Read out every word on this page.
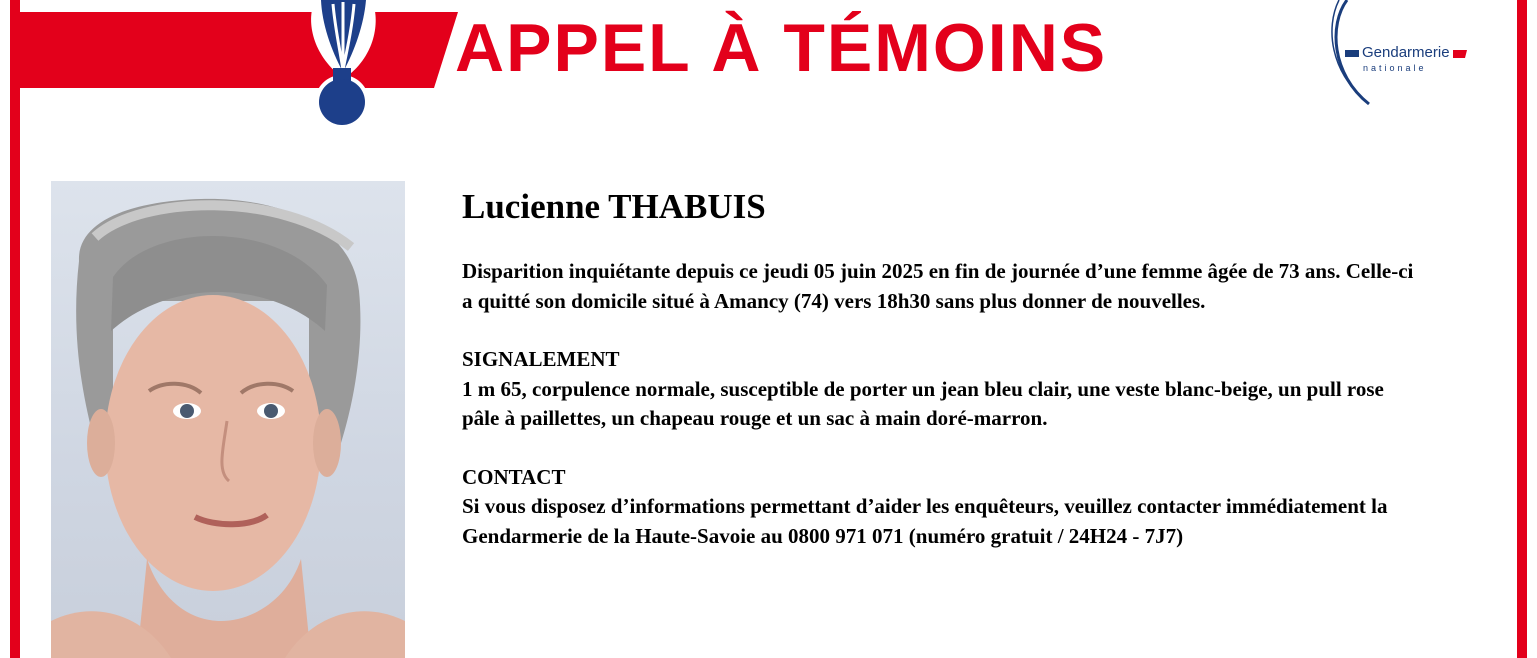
APPEL À TÉMOINS	Gendarmerie
nationale
Lucienne THABUIS

Disparition inquiétante depuis ce jeudi 05 juin 2025 en fin de journée d’une femme âgée de 73 ans. Celle-ci a quitté son domicile situé à Amancy (74) vers 18h30 sans plus donner de nouvelles.

SIGNALEMENT

1 m 65, corpulence normale, susceptible de porter un jean bleu clair, une veste blanc-beige, un pull rose pâle à paillettes, un chapeau rouge et un sac à main doré-marron.

CONTACT

Si vous disposez d’informations permettant d’aider les enquêteurs, veuillez contacter immédiatement la Gendarmerie de la Haute-Savoie au 0800 971 071 (numéro gratuit / 24H24 - 7J7)
